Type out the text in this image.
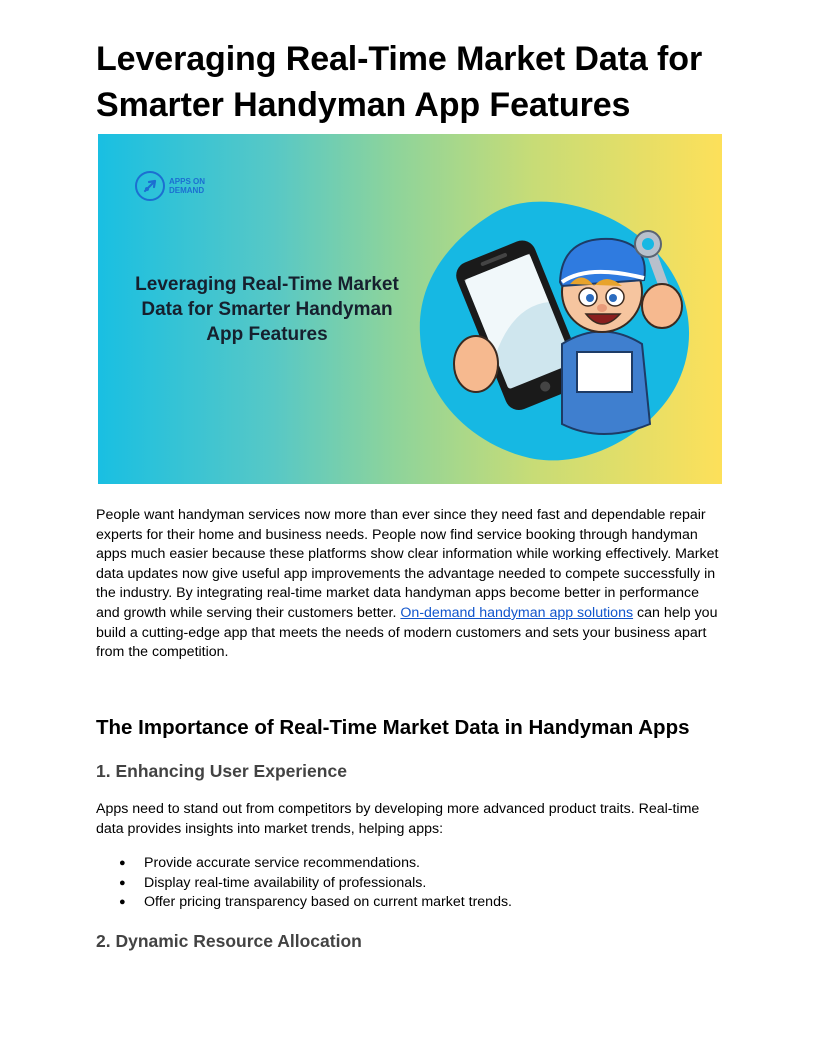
Leveraging Real-Time Market Data for Smarter Handyman App Features
APPS ON
DEMAND
Leveraging Real-Time Market Data for Smarter Handyman App Features

People want handyman services now more than ever since they need fast and dependable repair experts for their home and business needs. People now find service booking through handyman apps much easier because these platforms show clear information while working effectively. Market data updates now give useful app improvements the advantage needed to compete successfully in the industry. By integrating real-time market data handyman apps become better in performance and growth while serving their customers better. On-demand handyman app solutions can help you build a cutting-edge app that meets the needs of modern customers and sets your business apart from the competition.

The Importance of Real-Time Market Data in Handyman Apps
1. Enhancing User Experience

Apps need to stand out from competitors by developing more advanced product traits. Real-time data provides insights into market trends, helping apps:

● Provide accurate service recommendations.
● Display real-time availability of professionals.
● Offer pricing transparency based on current market trends.
2. Dynamic Resource Allocation
